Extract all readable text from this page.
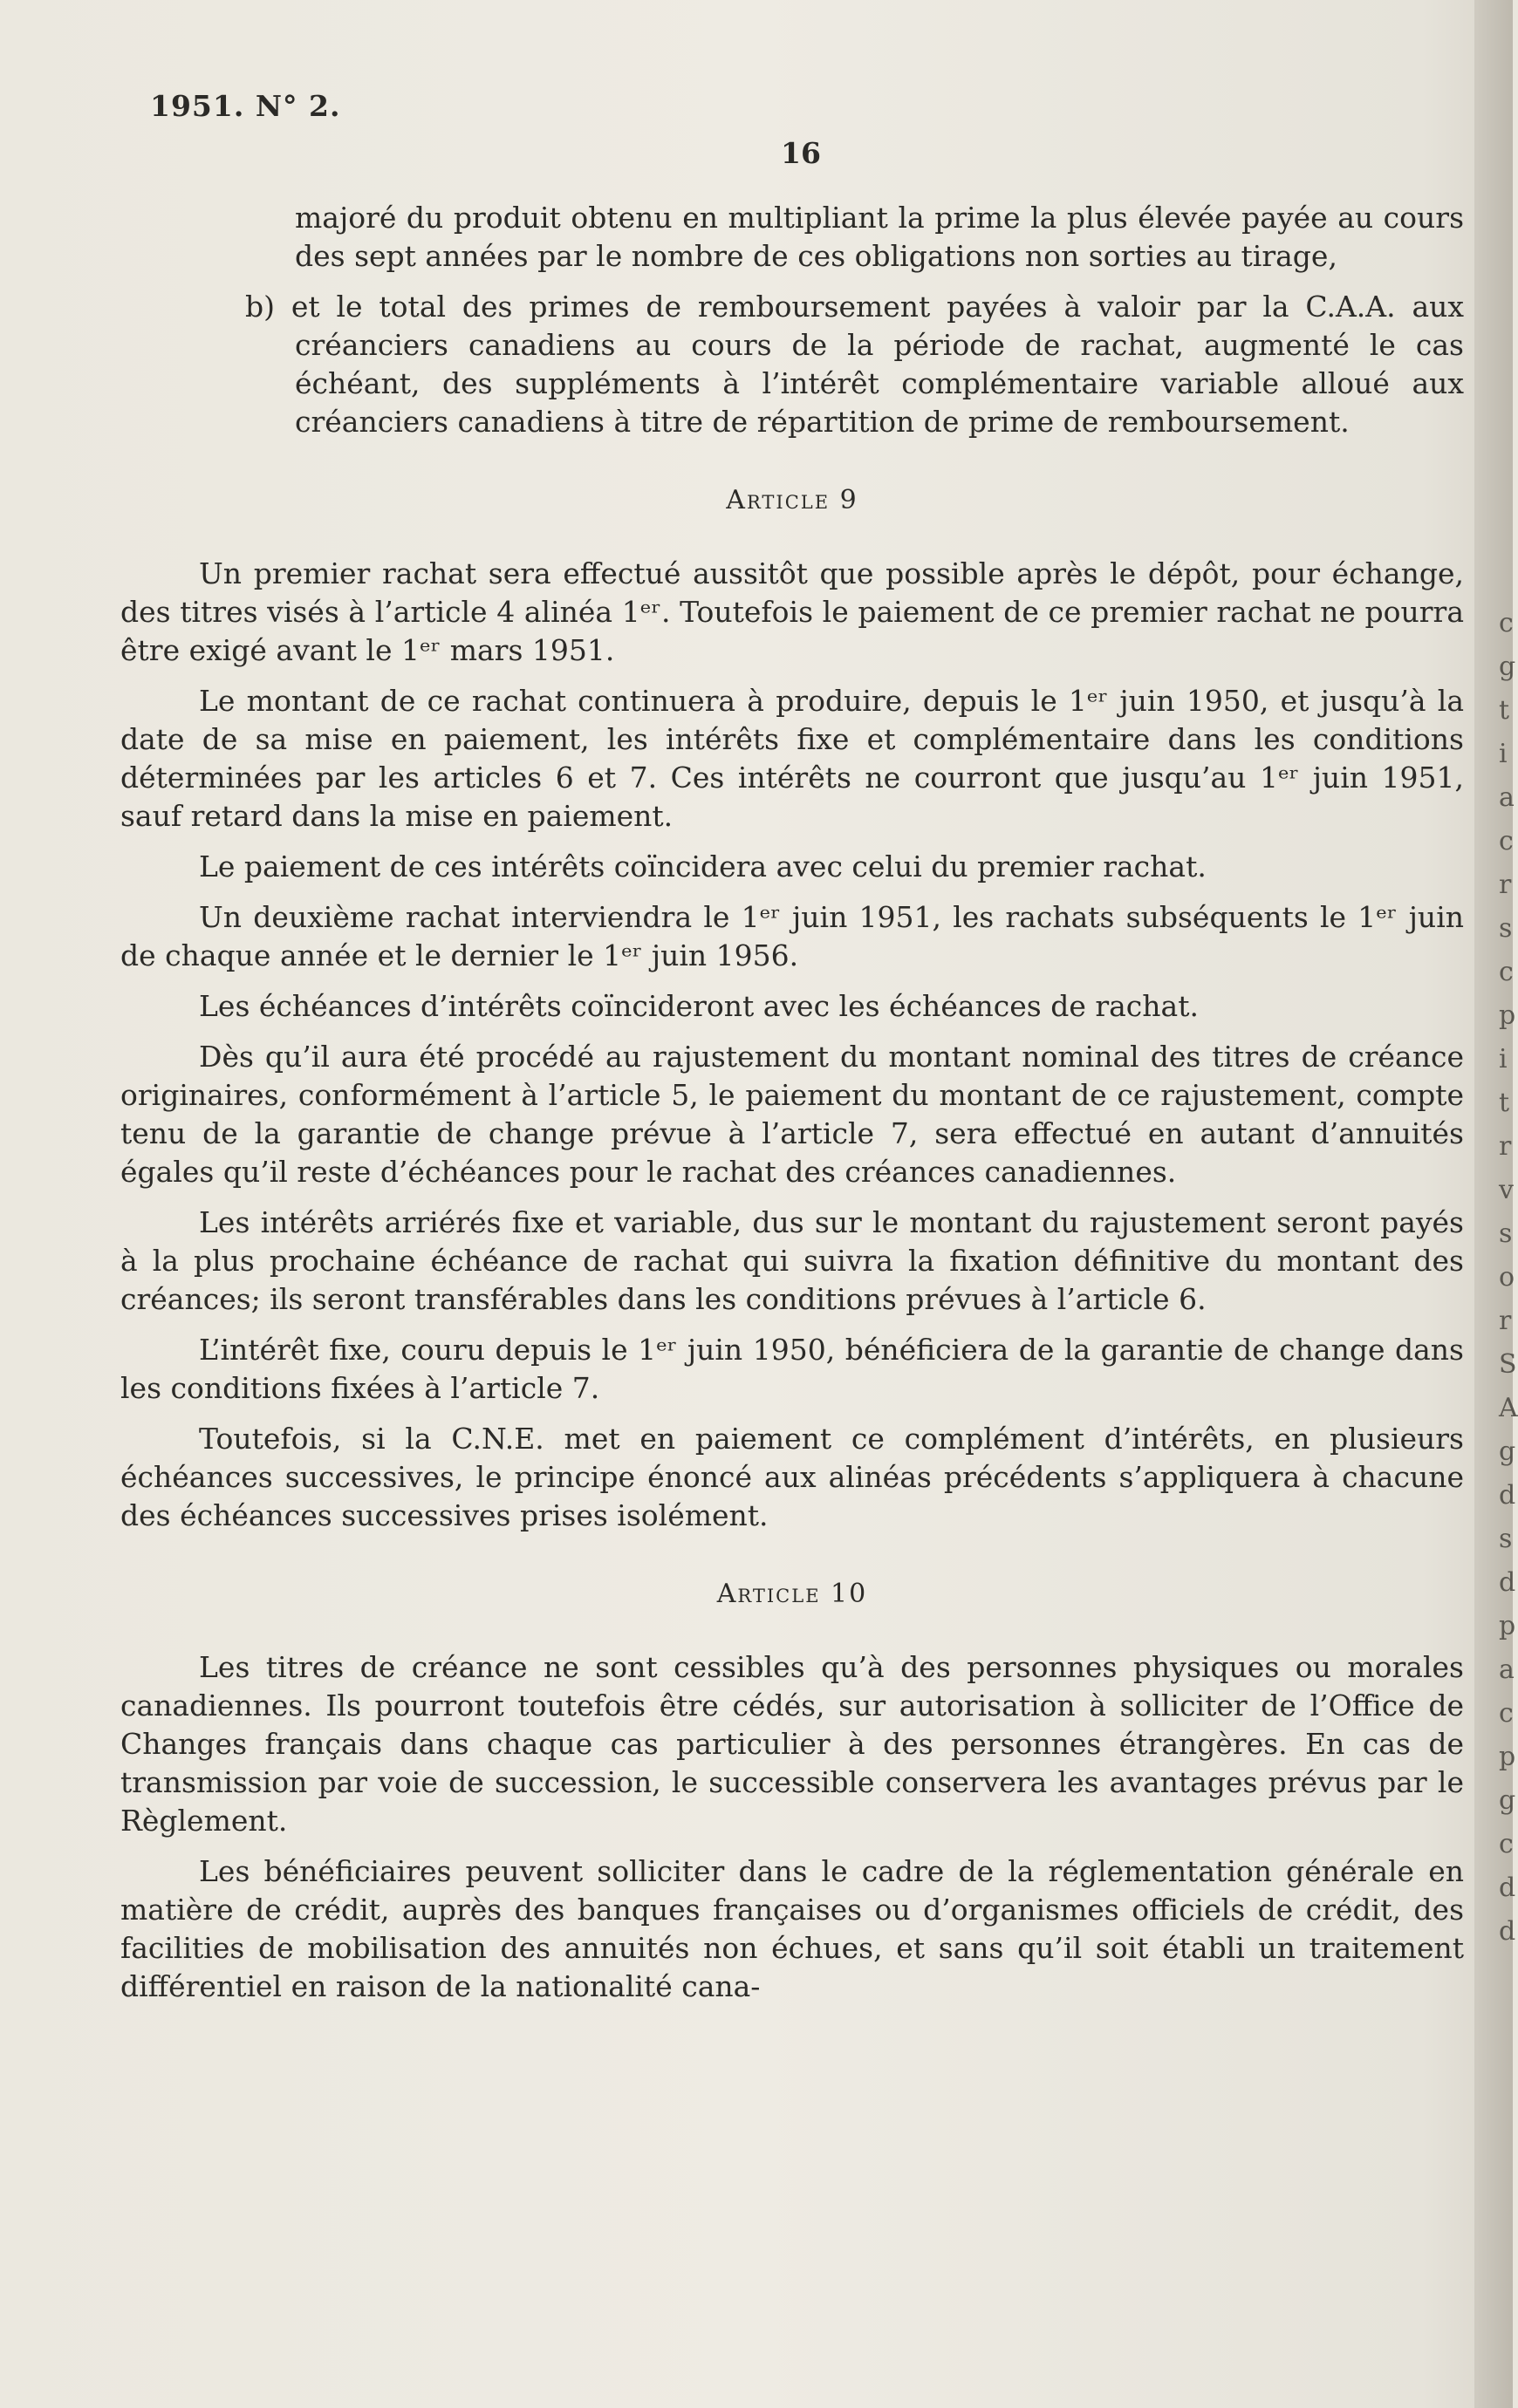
c
g
t
i
a
c
r
s
c
p
i
t
r
v
s
o
r
S
A
g
d
s
d
p
a
c
p
g
c
d
d
1951. N° 2.
16

majoré du produit obtenu en multipliant la prime la plus élevée payée au cours des sept années par le nombre de ces obligations non sorties au tirage,

b) et le total des primes de remboursement payées à valoir par la C.A.A. aux créanciers canadiens au cours de la période de rachat, augmenté le cas échéant, des suppléments à l’intérêt complémentaire variable alloué aux créanciers canadiens à titre de répartition de prime de remboursement.

Article 9

Un premier rachat sera effectué aussitôt que possible après le dépôt, pour échange, des titres visés à l’article 4 alinéa 1ᵉʳ. Toutefois le paiement de ce premier rachat ne pourra être exigé avant le 1ᵉʳ mars 1951.

Le montant de ce rachat continuera à produire, depuis le 1ᵉʳ juin 1950, et jusqu’à la date de sa mise en paiement, les intérêts fixe et complémentaire dans les conditions déterminées par les articles 6 et 7. Ces intérêts ne courront que jusqu’au 1ᵉʳ juin 1951, sauf retard dans la mise en paiement.

Le paiement de ces intérêts coïncidera avec celui du premier rachat.

Un deuxième rachat interviendra le 1ᵉʳ juin 1951, les rachats subséquents le 1ᵉʳ juin de chaque année et le dernier le 1ᵉʳ juin 1956.

Les échéances d’intérêts coïncideront avec les échéances de rachat.

Dès qu’il aura été procédé au rajustement du montant nominal des titres de créance originaires, conformément à l’article 5, le paiement du montant de ce rajustement, compte tenu de la garantie de change prévue à l’article 7, sera effectué en autant d’annuités égales qu’il reste d’échéances pour le rachat des créances canadiennes.

Les intérêts arriérés fixe et variable, dus sur le montant du rajustement seront payés à la plus prochaine échéance de rachat qui suivra la fixation définitive du montant des créances; ils seront transférables dans les conditions prévues à l’article 6.

L’intérêt fixe, couru depuis le 1ᵉʳ juin 1950, bénéficiera de la garantie de change dans les conditions fixées à l’article 7.

Toutefois, si la C.N.E. met en paiement ce complément d’intérêts, en plusieurs échéances successives, le principe énoncé aux alinéas précédents s’appliquera à chacune des échéances successives prises isolément.

Article 10

Les titres de créance ne sont cessibles qu’à des personnes physiques ou morales canadiennes. Ils pourront toutefois être cédés, sur autorisation à solliciter de l’Office de Changes français dans chaque cas particulier à des personnes étrangères. En cas de transmission par voie de succession, le successible conservera les avantages prévus par le Règlement.

Les bénéficiaires peuvent solliciter dans le cadre de la réglementation générale en matière de crédit, auprès des banques françaises ou d’organismes officiels de crédit, des facilities de mobilisation des annuités non échues, et sans qu’il soit établi un traitement différentiel en raison de la nationalité cana-
